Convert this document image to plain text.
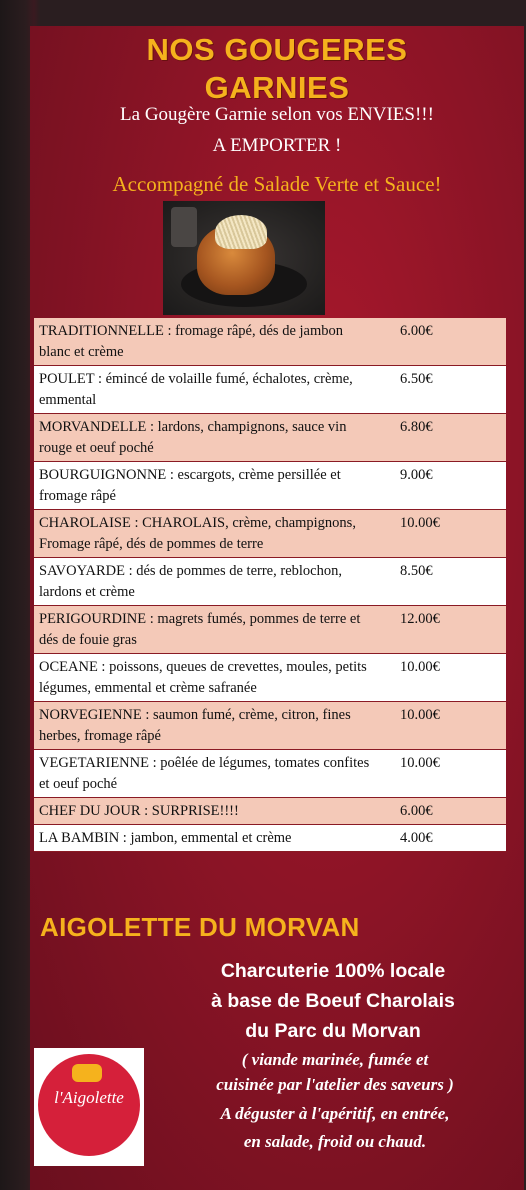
NOS GOUGERES
GARNIES
La Gougère Garnie selon vos ENVIES!!!
A EMPORTER !
Accompagné de Salade Verte et Sauce!
TRADITIONNELLE : fromage râpé, dés de jambon blanc et crème
6.00€
POULET : émincé de volaille fumé, échalotes, crème, emmental
6.50€
MORVANDELLE : lardons, champignons, sauce vin rouge et oeuf poché
6.80€
BOURGUIGNONNE : escargots, crème persillée et fromage râpé
9.00€
CHAROLAISE : CHAROLAIS, crème, champignons, Fromage râpé, dés de pommes de terre
10.00€
SAVOYARDE : dés de pommes de terre, reblochon, lardons et crème
8.50€
PERIGOURDINE : magrets fumés, pommes de terre et dés de fouie gras
12.00€
OCEANE : poissons, queues de crevettes, moules, petits légumes, emmental et crème safranée
10.00€
NORVEGIENNE : saumon fumé, crème, citron, fines herbes, fromage râpé
10.00€
VEGETARIENNE : poêlée de légumes, tomates confites et oeuf poché
10.00€
CHEF DU JOUR : SURPRISE!!!!	6.00€
LA BAMBIN : jambon, emmental et crème	4.00€
AIGOLETTE DU MORVAN
Charcuterie 100% locale
à base de Boeuf Charolais
du Parc du Morvan
( viande marinée, fumée et
cuisinée par l'atelier des saveurs )
A déguster à l'apéritif, en entrée,
en salade, froid ou chaud.
l'Aigolette
